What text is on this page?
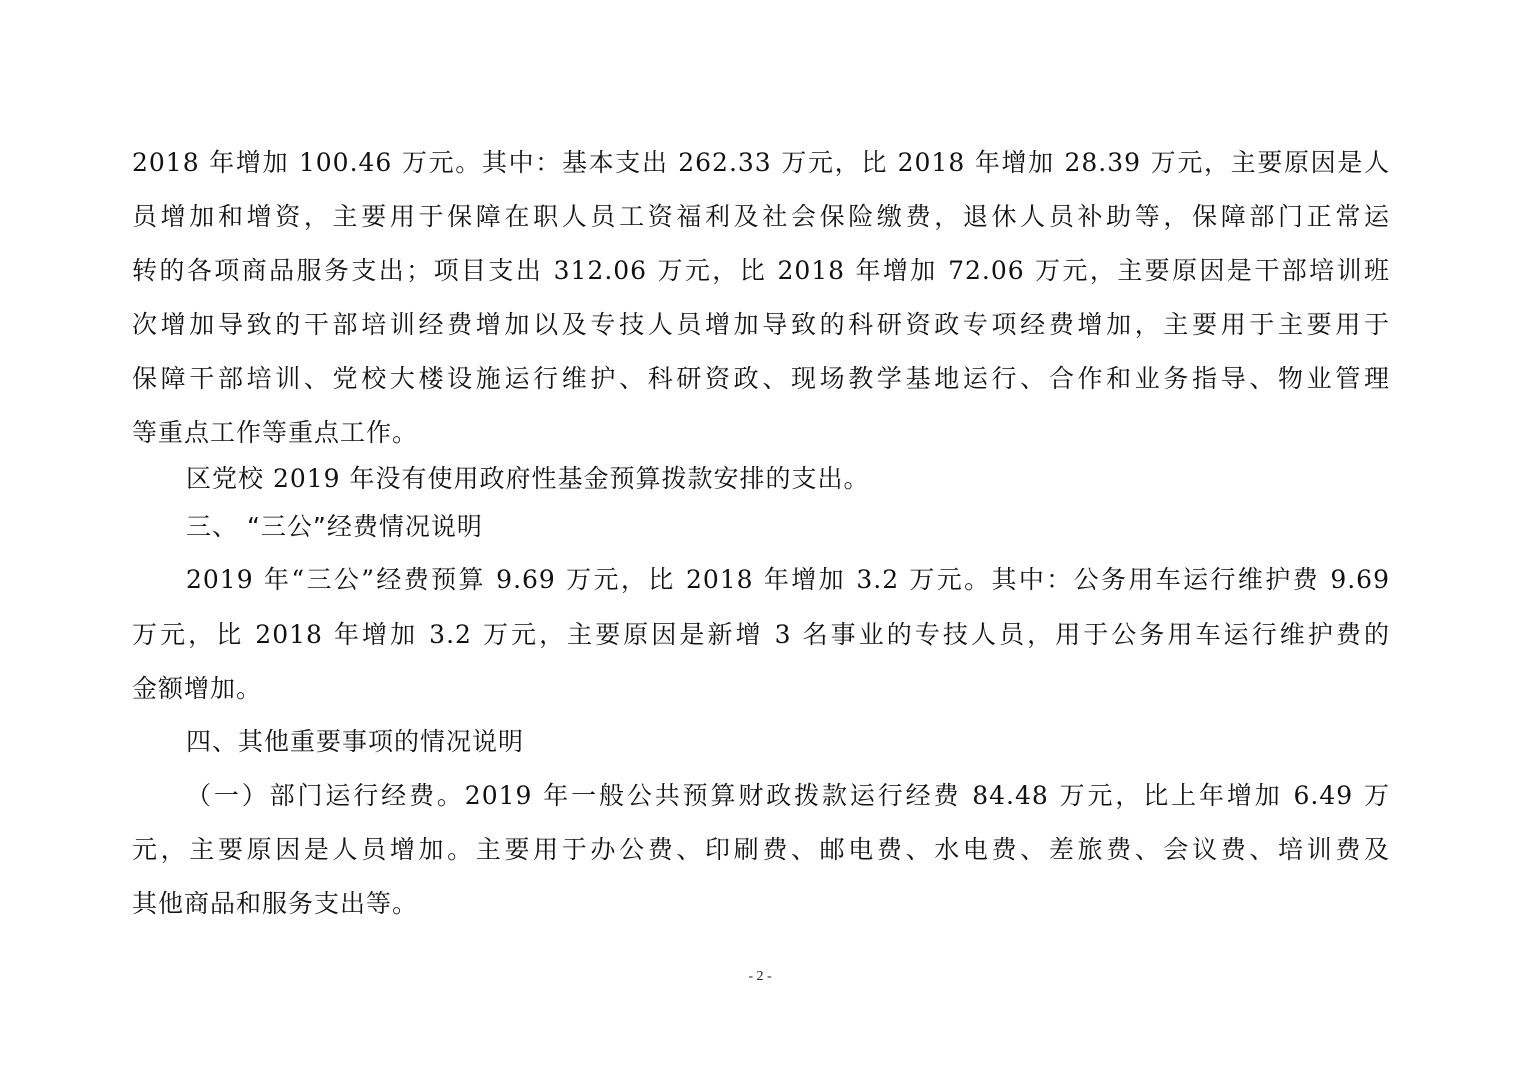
2018 年增加 100.46 万元。其中：基本支出 262.33 万元，比 2018 年增加 28.39 万元，主要原因是人
员增加和增资，主要用于保障在职人员工资福利及社会保险缴费，退休人员补助等，保障部门正常运
转的各项商品服务支出；项目支出 312.06 万元，比 2018 年增加 72.06 万元，主要原因是干部培训班
次增加导致的干部培训经费增加以及专技人员增加导致的科研资政专项经费增加，主要用于主要用于
保障干部培训、党校大楼设施运行维护、科研资政、现场教学基地运行、合作和业务指导、物业管理
等重点工作等重点工作。
区党校 2019 年没有使用政府性基金预算拨款安排的支出。
三、 “三公”经费情况说明
2019 年“三公”经费预算 9.69 万元，比 2018 年增加 3.2 万元。其中：公务用车运行维护费 9.69
万元，比 2018 年增加 3.2 万元，主要原因是新增 3 名事业的专技人员，用于公务用车运行维护费的
金额增加。
四、其他重要事项的情况说明
（一）部门运行经费。2019 年一般公共预算财政拨款运行经费 84.48 万元，比上年增加 6.49 万
元，主要原因是人员增加。主要用于办公费、印刷费、邮电费、水电费、差旅费、会议费、培训费及
其他商品和服务支出等。
- 2 -
